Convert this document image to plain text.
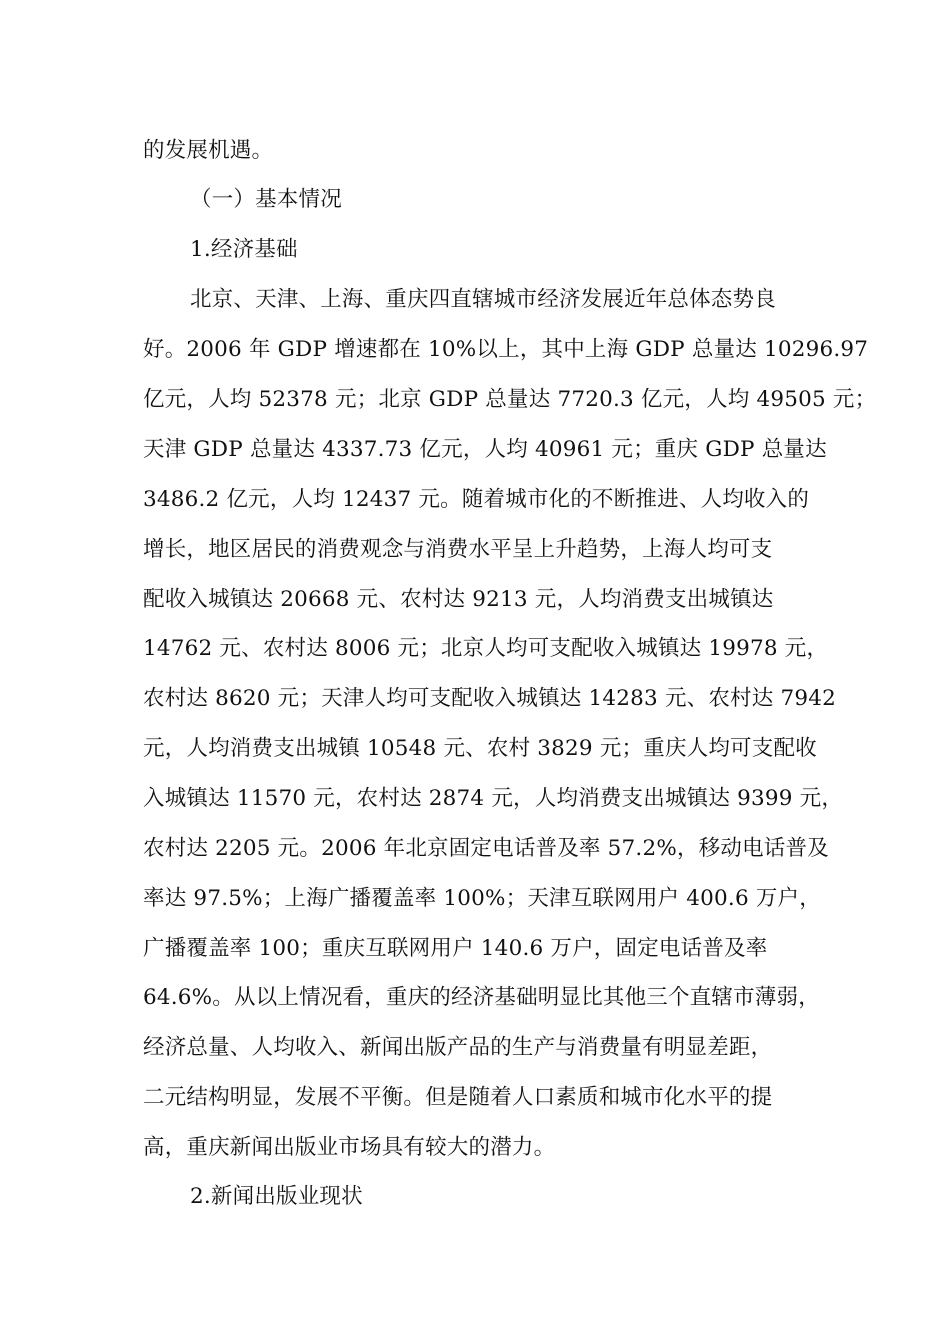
的发展机遇。
（一）基本情况
1.经济基础
北京、天津、上海、重庆四直辖城市经济发展近年总体态势良
好。2006 年 GDP 增速都在 10%以上，其中上海 GDP 总量达 10296.97
亿元，人均 52378 元；北京 GDP 总量达 7720.3 亿元，人均 49505 元；
天津 GDP 总量达 4337.73 亿元，人均 40961 元；重庆 GDP 总量达
3486.2 亿元，人均 12437 元。随着城市化的不断推进、人均收入的
增长，地区居民的消费观念与消费水平呈上升趋势，上海人均可支
配收入城镇达 20668 元、农村达 9213 元，人均消费支出城镇达
14762 元、农村达 8006 元；北京人均可支配收入城镇达 19978 元，
农村达 8620 元；天津人均可支配收入城镇达 14283 元、农村达 7942
元，人均消费支出城镇 10548 元、农村 3829 元；重庆人均可支配收
入城镇达 11570 元，农村达 2874 元，人均消费支出城镇达 9399 元，
农村达 2205 元。2006 年北京固定电话普及率 57.2%，移动电话普及
率达 97.5%；上海广播覆盖率 100%；天津互联网用户 400.6 万户，
广播覆盖率 100；重庆互联网用户 140.6 万户，固定电话普及率
64.6%。从以上情况看，重庆的经济基础明显比其他三个直辖市薄弱，
经济总量、人均收入、新闻出版产品的生产与消费量有明显差距，
二元结构明显，发展不平衡。但是随着人口素质和城市化水平的提
高，重庆新闻出版业市场具有较大的潜力。
2.新闻出版业现状
